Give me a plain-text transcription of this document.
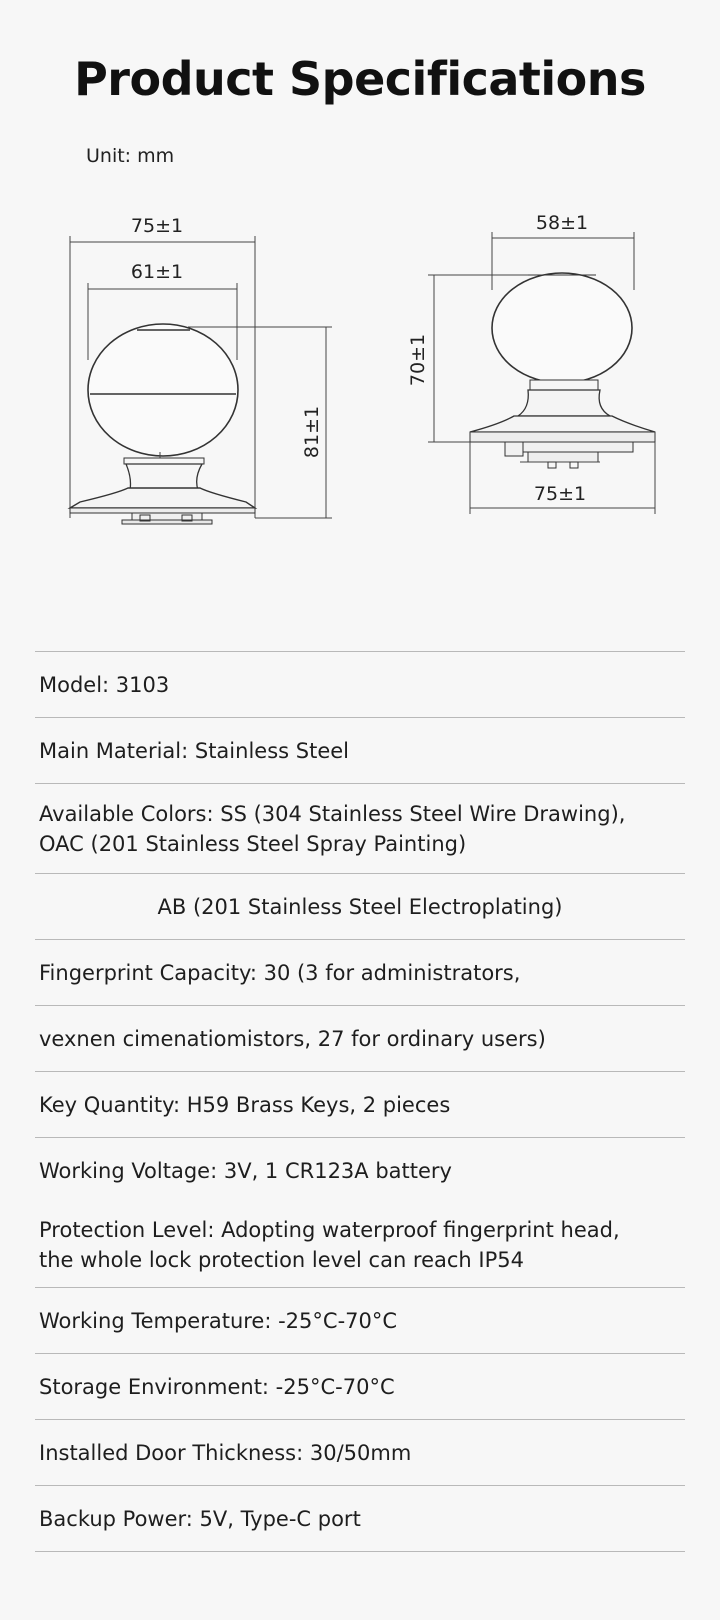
Product Specifications
Unit: mm
75±1
61±1
81±1
58±1
70±1
75±1
Model: 3103
Main Material: Stainless Steel
Available Colors: SS (304 Stainless Steel Wire Drawing),
OAC (201 Stainless Steel Spray Painting)
AB (201 Stainless Steel Electroplating)
Fingerprint Capacity: 30 (3 for administrators,
vexnen cimenatiomistors, 27 for ordinary users)
Key Quantity: H59 Brass Keys, 2 pieces
Working Voltage: 3V, 1 CR123A battery
Protection Level: Adopting waterproof fingerprint head,
the whole lock protection level can reach IP54
Working Temperature: -25°C-70°C
Storage Environment: -25°C-70°C
Installed Door Thickness: 30/50mm
Backup Power: 5V, Type-C port
